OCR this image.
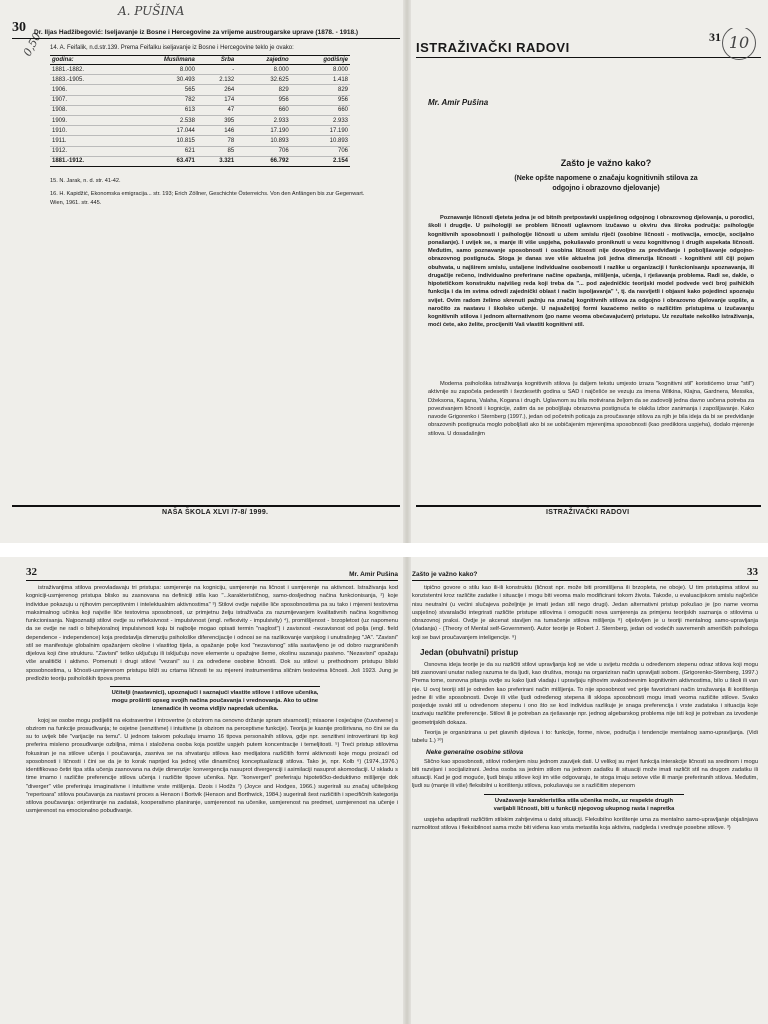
A. PUŠINA
0,50
30 Dr. Iljas Hadžibegović: Iseljavanje iz Bosne i Hercegovine za vrijeme austrougarske uprave (1878. - 1918.)
14. A. Feifalik, n.d.str.139. Prema Feifalku iseljavanje iz Bosne i Hercegovine teklo je ovako:
godina:	Muslimana	Srba	zajedno	godišnje
1881.-1882.	8.000	-	8.000	8.000
1883.-1905.	30.493	2.132	32.625	1.418
1906.	565	264	829	829
1907.	782	174	956	956
1908.	613	47	660	660
1909.	2.538	395	2.933	2.933
1910.	17.044	146	17.190	17.190
1911.	10.815	78	10.893	10.893
1912.	621	85	706	706
1881.-1912.	63.471	3.321	66.792	2.154

15. N. Jarak, n. d. str. 41-42.

16. H. Kapidžić, Ekonomska emigracija... str. 193; Erich Zöllner, Geschichte Österreichs. Von den Anfängen bis zur Gegenwart. Wien, 1961. str. 445.

NAŠA ŠKOLA XLVI /7-8/ 1999.
ISTRAŽIVAČKI RADOVI
31 10
Mr. Amir Pušina
Zašto je važno kako?
(Neke opšte napomene o značaju kognitivnih stilova za
odgojno i obrazovno djelovanje)

Poznavanje ličnosti djeteta jedna je od bitnih pretpostavki uspješnog odgojnog i obrazovnog djelovanja, u porodici, školi i drugdje. U psihologiji se problem ličnosti uglavnom izučavao u okviru dva široka područja: psihologije kognitivnih sposobnosti i psihologije ličnosti u užem smislu riječi (osobine ličnosti - motivacija, emocije, socijalno ponašanje). I uvijek se, s manje ili više uspjeha, pokušavalo proniknuti u vezu kognitivnog i drugih aspekata ličnosti. Međutim, samo poznavanje sposobnosti i osobina ličnosti nije dovoljno za predviđanje i poboljšavanje odgojno-obrazovnog postignuća. Stoga je danas sve više aktuelna još jedna dimenzija ličnosti - kognitivni stil čiji pojam obuhvata, u najširem smislu, ustaljene individualne osobenosti i razlike u organizaciji i funkcionisanju spoznavanja, ili drugačije rečeno, individualno preferirane načine opažanja, mišljenja, učenja, i rješavanja problema. Radi se, dakle, o hipotetičkom konstruktu najvišeg reda koji treba da "... pod zajedničkic teorijski model podvede veći broj psihičkih funkcija i da im svima odredi zajednički oblast i način ispoljavanja" ¹, tj. da rasvijetli i objasni kako pojedinci spoznaju svijet. Ovim radom želimo skrenuti pažnju na značaj kognitivnih stilova za odgojno i obrazovno djelovanje uopšte, a naročito za nastavu i školsko učenje. U najsažetijoj formi kazaćemo nešto o različitim pristupima u izučavanju kognitivnih stilova i jednom alternativnom (po name veoma obećavajućem) pristupu. Uz rezultate nekoliko istraživanja, moći ćete, ako želite, procijeniti Vaš vlastiti kognitivni stil.

Moderna psihološka istraživanja kognitivnih stilova (u daljem tekstu umjesto izraza "kognitivni stil" koristićemo izraz "stil") aktivnije su započela pedesetih i šezdesetih godina u SAD i najčešće se vezuju za imena Witkina, Klajna, Gardnera, Messika, Džeksona, Kagana, Valaha, Kogana i drugih. Uglavnom su bila motivirana željom da se zadovolji jedna davno uočena potreba za povezivanjem ličnosti i kognicije, zatim da se poboljšaju obrazovna postignuća te olakša izbor zanimanja i zapošljavanje. Kako navode Grigorenko i Sternberg (1997.), jedan od početnih poticaja za proučavanje stilova za njih je bila ideja da bi se predviđanje obrazovnih postignuća moglo poboljšati ako bi se uobičajenim mjerenjima sposobnosti (kao prediktora uspjeha), dodalo mjerenje stilova. U dosadašnjim

ISTRAŽIVAČKI RADOVI
32	Mr. Amir Pušina

istraživanjima stilova preovladavaju tri pristupa: usmjerenje na kogniciju, usmjerenje na ličnost i usmjerenje na aktivnost. Istraživanja kod kogniciji-usmjerenog pristupa blisko su zasnovana na definiciji stila kao "...karakterističnog, samo-dosljednog načina funkcionisanja, ²) koje individue pokazuju u njihovim perceptivnim i intelektualnim aktivnostima" ³) Stilovi ovdje najviše liče sposobnostima pa su tako i mjereni testovima maksimalnog učinka koji najviše liče testovima sposobnosti, uz primjetnu želju istraživača za razumijevanjem kvalitativnih načina kognitivnog funkcionisanja. Najpoznatiji stilovi ovdje su refleksivnost - impulsivnost (engl. reflexivity - impulsivity) ⁴), promišljenost - brzopletost (uz napomenu da se ovdje ne radi o bihejvioralnoj impulsivnosti koju bi najbolje mogao opisati termin "naglost") i zavisnost -nezavisnost od polja (engl. field dependence - independence) koja predstavlja dimenziju psihološke diferencijacije i odnosi se na razlikovanje vanjskog i unutrašnjeg "JA". "Zavisni" stil se manifestuje globalnim opažanjem okoline i vlastitog tijela, a opažanje polje kod "nezavisnog" stila sastavljeno je od dobro razgraničenih dijelova koji čine strukturu. "Zavisni" teško uključuju ili isključuju nove elemente u opažajne šeme, okolinu sazanaju pasivno. "Nezavisni" opažaju više analitički i aktivno. Pomenuti i drugi stilovi "vezani" su i za određene osobine ličnosti. Dok su stilovi u prethodnom pristupu bliski sposobnostima, u ličnosti-usmjerenom pristupu bliži su crtama ličnosti te su mjereni instrumentima sličnim testovima ličnosti. Još 1923. Jung je predložio teoriju psiholoških tipova prema

Učitelji (nastavnici), upoznajući i saznajući vlastite stilove i stilove učenika, mogu proširiti opseg svojih načina poučavanja i vrednovanja. Ako to učine iznenadiće ih veoma vidljiv napredak učenika.

kojoj se osobe mogu podijeliti na ekstravertne i introvertne (s obzirom na cenovno držanje spram stvarnosti); misaone i osjećajne (čuvstvene) s obzirom na funkcije prosuđivanja; te osjetne (senzitivne) i intuitivne (s obzirom na perceptivne funkcije). Teorija je kasnije proširivana, no čini se da su to uvijek bile "varijacije na temu". U jednom takvom pokušaju imamo 16 tipova personalnih stilova, gdje npr. senzitivni introvertirani tip koji preferira misleno prosuđivanje ozbiljna, mirna i staložena osoba koja postiže uspjeh putem koncentracije i temeljitosti. ⁵) Treći pristup stilovima fokusiran je na stilove učenja i poučavanja, zasniva se na shvatanju stilova kao medijatora različitih formi aktivnosti koje mogu proizaći od sposobnosti i ličnosti i čini se da je to korak naprijed ka jednoj više dinamičnoj konceptualizaciji stilova. Tako je, npr. Kolb ⁶) (1974.,1976.) identifikovao četiri tipa stila učenja zasnovana na dvije dimenzije: konvergencija nasuprot divergenciji i asimilaciji nasuprot akomodaciji. U skladu s time imamo i različite preferencije stilova učenja i različite tipove učenika. Npr. "konvergeri" preferiraju hipotetičko-deduktivno mišljenje dok "diverger" više preferiraju imaginativne i intuitivne vrste mišljenja. Dzois i Hodžs ⁷) (Joyce and Hodges, 1966.) sugerirali su značaj učiteljskog "repertoara" stilova poučavanja za nastavni proces a Henson i Bortvik (Henson and Borthwick, 1984.) sugerirali šest različitih i specifičnih kategorija stilova poučavanja: orijentiranje na zadatak, kooperativno planiranje, usmjerenost na učenike, usmjerenost na predmet, usmjerenost na učenje i usmjerenost na emocionalno pobuđivanje.

Zašto je važno kako?	33

tipično govore o stilu kao ili-ili konstruktu (ličnost npr. može biti promišljena ili brzopleta, ne oboje). U tim pristupima stilovi su konzistentni kroz različite zadatke i situacije i mogu biti veoma malo modificirani tokom života. Takođe, u evaluacijskom smislu najčešće nisu neutralni (u većini slučajeva poželjnije je imati jedan stil nego drugi). Jedan alternativni pristup pokušao je (po name veoma uspješno) stvaralački integrirati različite pristupe stilovima i omogućiti nova usmjerenja za primjenu teorijskih saznanja o stilovima u obrazovnoj praksi. Ovdje je akcenat stavljen na tumačenje stilova mišljenja ⁸) otjelovljen je u teoriji mentalnog samo-upravljanja (vladanja) - (Theory of Mental self-Government). Autor teorije je Robert J. Sternberg, jedan od vodećih savremenih američkih psihologa koji se bavi proučavanjem inteligencije. ⁹)

Jedan (obuhvatni) pristup

Osnovna ideja teorije je da su različiti stilovi upravljanja koji se vide u svijetu možda u određenom stepenu odraz stilova koji mogu biti zasnovani unutar našeg razuma te da ljudi, kao društva, moraju na organiziran način upravljati sobom. (Grigorenko-Sternberg, 1997.) Prema tome, osnovna pitanja ovdje su kako ljudi vladaju i upravljaju njihovim svakodnevnim kognitivnim aktivnostima, bilo u školi ili van nje. U ovoj teoriji stil je određen kao preferirani način mišljenja. To nije sposobnost već prije favorizirani način izražavanja ili korištenja jedne ili više sposobnosti. Dvoje ili više ljudi određenog stepena ili sklopa sposobnosti mogu imati veoma različite stilove. Svako posjeduje svaki stil u određenom stepenu i ono što se kod individua razlikuje je snaga preferencija i vrste zadataka i situacija koje izazivaju različite preferencije. Stilovi ili je potreban za rješavanje npr. jednog algebarskog problema nije isti koji je potreban za izvođenje geometrijskih dokaza.

Teorija je organizirana u pet glavnih dijelova i to: funkcije, forme, nivoe, područja i tendencije mentalnog samo-upravljanja. (Vidi tabelu 1.) ¹⁰)

Neke generalne osobine stilova

Slično kao sposobnosti, stilovi rođenjem nisu jednom zauvijek dati. U velikoj su mjeri funkcija interakcije ličnosti sa sredinom i mogu biti razvijani i socijalizirani. Jedna osoba sa jednim stilom na jednom zadatku ili situaciji može imati različit stil na drugom zadatku ili situaciji. Kad je god moguće, ljudi biraju stilove koji im više odgovaraju, te stoga imaju setove više ili manje preferiranih stilova. Međutim, ljudi su (manje ili više) fleksibilni u korištenju stilova, pokušavaju se s različitim stepenom

Uvažavanje karakteristika stila učenika može, uz respekte drugih varijabli ličnosti, biti u funkciji njegovog ukupnog rasta i napretka

uspjeha adaptirati različitim stilskim zahtjevima u datoj situaciji. Fleksibilno korištenje uma za mentalno samo-upravljanje objašnjava razmolitost stilova i fleksibilnost sama može biti viđena kao vrsta metastila koja aktivira, nadgleda i vrednuje posebne stilove. ³)
